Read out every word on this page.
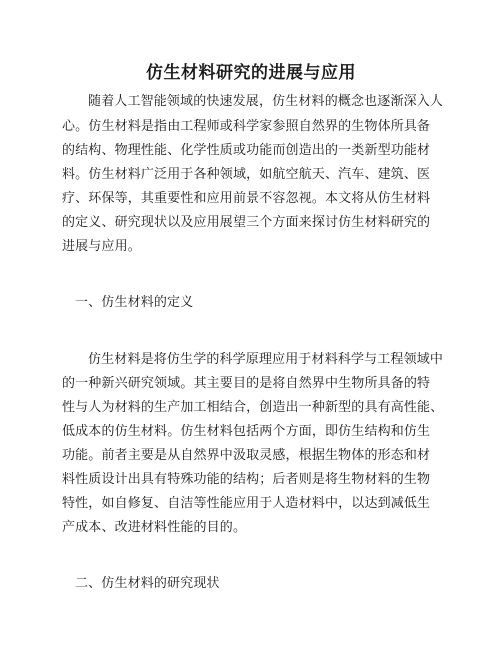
仿生材料研究的进展与应用
随着人工智能领域的快速发展，仿生材料的概念也逐渐深入人
心。仿生材料是指由工程师或科学家参照自然界的生物体所具备
的结构、物理性能、化学性质或功能而创造出的一类新型功能材
料。仿生材料广泛用于各种领域，如航空航天、汽车、建筑、医
疗、环保等，其重要性和应用前景不容忽视。本文将从仿生材料
的定义、研究现状以及应用展望三个方面来探讨仿生材料研究的
进展与应用。
一、仿生材料的定义
仿生材料是将仿生学的科学原理应用于材料科学与工程领域中
的一种新兴研究领域。其主要目的是将自然界中生物所具备的特
性与人为材料的生产加工相结合，创造出一种新型的具有高性能、
低成本的仿生材料。仿生材料包括两个方面，即仿生结构和仿生
功能。前者主要是从自然界中汲取灵感，根据生物体的形态和材
料性质设计出具有特殊功能的结构；后者则是将生物材料的生物
特性，如自修复、自洁等性能应用于人造材料中，以达到减低生
产成本、改进材料性能的目的。
二、仿生材料的研究现状
